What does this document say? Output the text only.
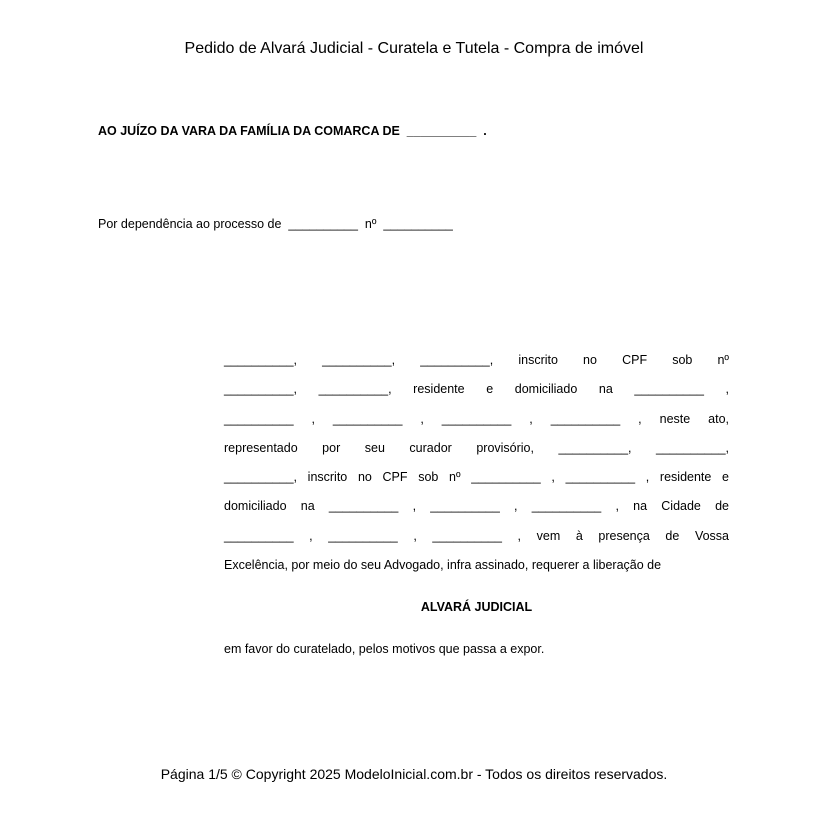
Pedido de Alvará Judicial - Curatela e Tutela - Compra de imóvel
AO JUÍZO DA VARA DA FAMÍLIA DA COMARCA DE  __________  .
Por dependência ao processo de  __________  nº  __________
__________, __________, __________, inscrito no CPF sob nº
__________, __________, residente e domiciliado na __________ ,
__________ , __________ , __________ , __________ , neste ato,
representado por seu curador provisório, __________, __________,
__________, inscrito no CPF sob nº __________ , __________ , residente e
domiciliado na __________ , __________ , __________ , na Cidade de
__________ , __________ , __________ , vem à presença de Vossa
Excelência, por meio do seu Advogado, infra assinado, requerer a liberação de
ALVARÁ JUDICIAL
em favor do curatelado, pelos motivos que passa a expor.
Página 1/5 © Copyright 2025 ModeloInicial.com.br - Todos os direitos reservados.
